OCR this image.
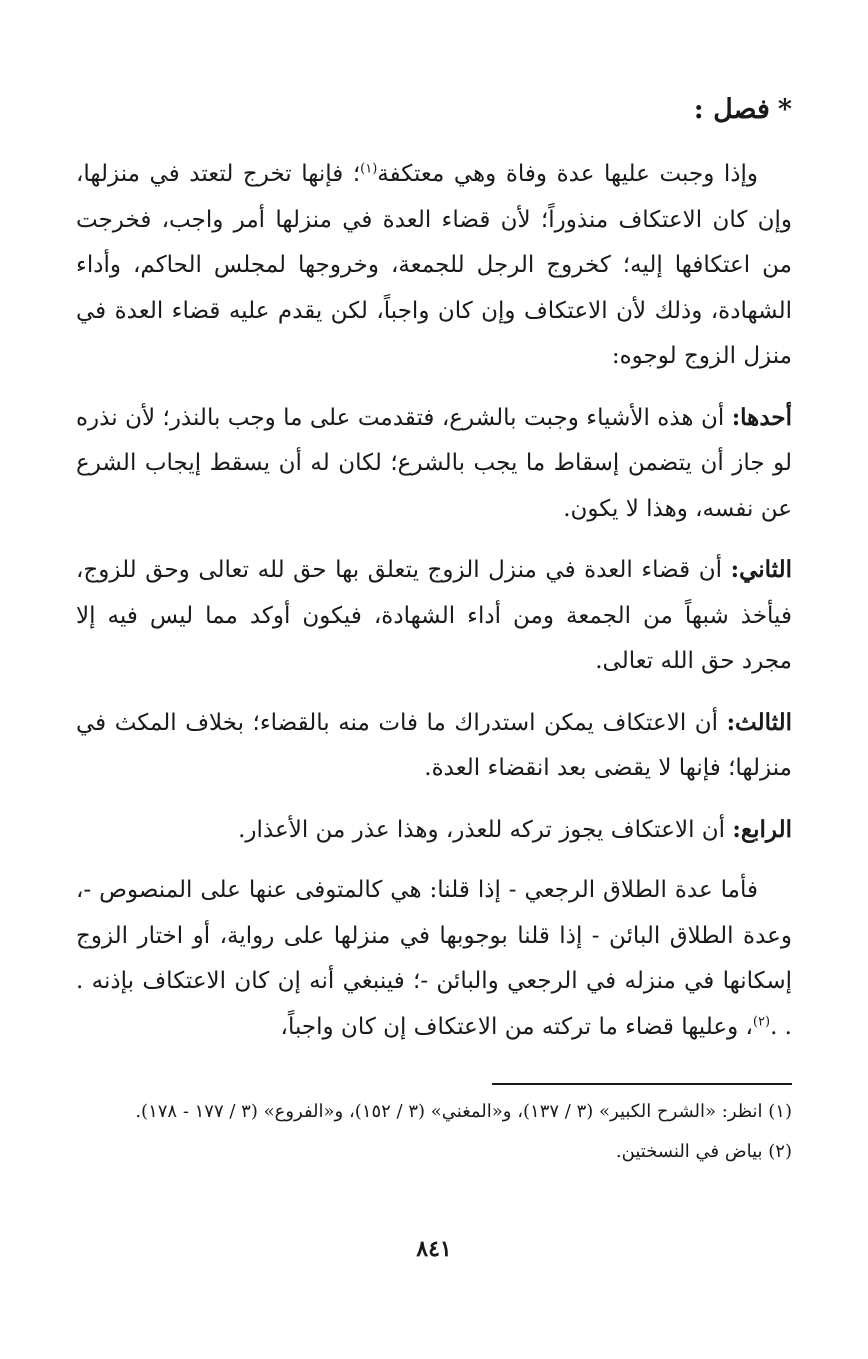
*فصل :

وإذا وجبت عليها عدة وفاة وهي معتكفة$^{(١)}$؛ فإنها تخرج لتعتد في منزلها، وإن كان الاعتكاف منذوراً؛ لأن قضاء العدة في منزلها أمر واجب، فخرجت من اعتكافها إليه؛ كخروج الرجل للجمعة، وخروجها لمجلس الحاكم، وأداء الشهادة، وذلك لأن الاعتكاف وإن كان واجباً، لكن يقدم عليه قضاء العدة في منزل الزوج لوجوه:

أحدها: أن هذه الأشياء وجبت بالشرع، فتقدمت على ما وجب بالنذر؛ لأن نذره لو جاز أن يتضمن إسقاط ما يجب بالشرع؛ لكان له أن يسقط إيجاب الشرع عن نفسه، وهذا لا يكون.

الثاني: أن قضاء العدة في منزل الزوج يتعلق بها حق لله تعالى وحق للزوج، فيأخذ شبهاً من الجمعة ومن أداء الشهادة، فيكون أوكد مما ليس فيه إلا مجرد حق الله تعالى.

الثالث: أن الاعتكاف يمكن استدراك ما فات منه بالقضاء؛ بخلاف المكث في منزلها؛ فإنها لا يقضى بعد انقضاء العدة.

الرابع: أن الاعتكاف يجوز تركه للعذر، وهذا عذر من الأعذار.

فأما عدة الطلاق الرجعي - إذا قلنا: هي كالمتوفى عنها على المنصوص -، وعدة الطلاق البائن - إذا قلنا بوجوبها في منزلها على رواية، أو اختار الزوج إسكانها في منزله في الرجعي والبائن -؛ فينبغي أنه إن كان الاعتكاف بإذنه . . .$^{(٢)}$، وعليها قضاء ما تركته من الاعتكاف إن كان واجباً،

(١) انظر: «الشرح الكبير» (٣ / ١٣٧)، و«المغني» (٣ / ١٥٢)، و«الفروع» (٣ / ١٧٧ - ١٧٨).

(٢) بياض في النسختين.

٨٤١
